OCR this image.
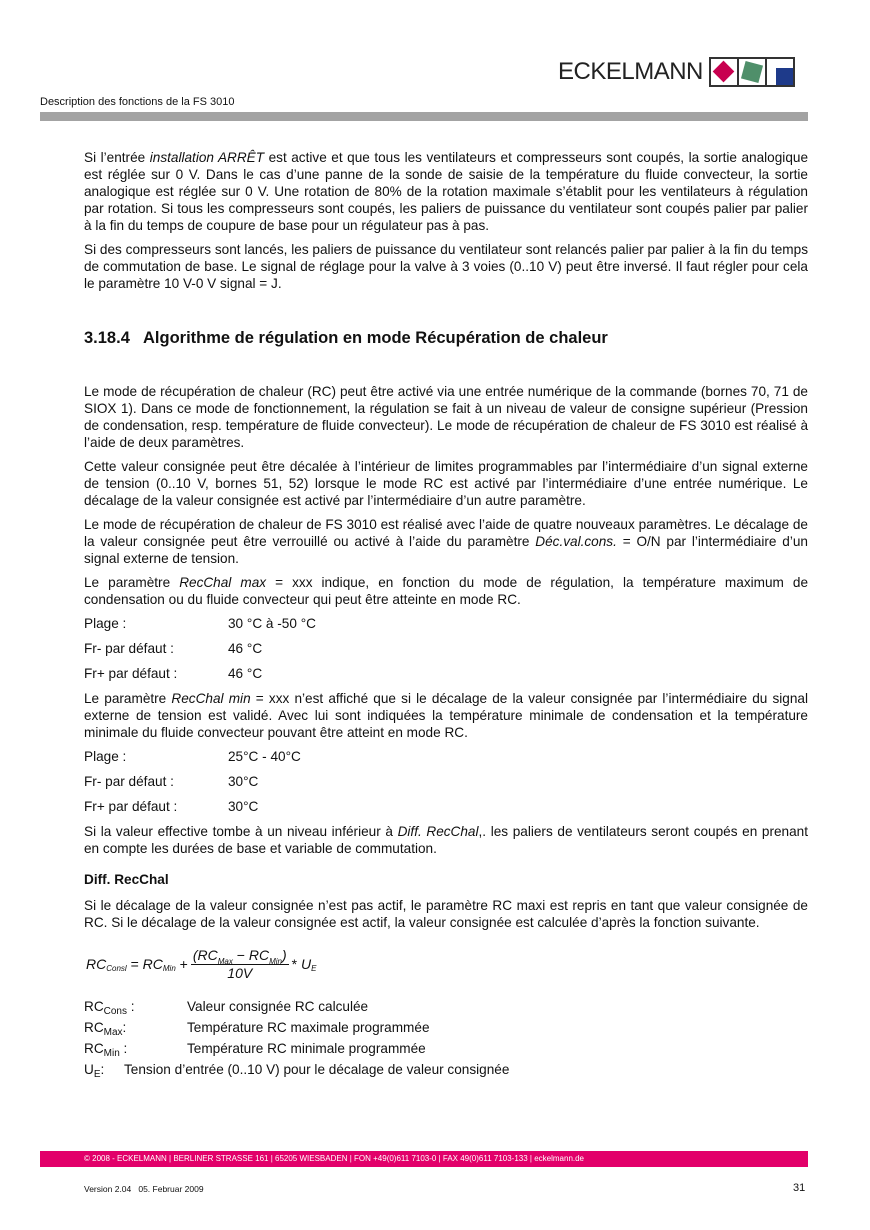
ECKELMANN
Description des fonctions de la FS 3010

Si l’entrée installation ARRÊT est active et que tous les ventilateurs et compresseurs sont coupés, la sortie analogique est réglée sur 0 V. Dans le cas d’une panne de la sonde de saisie de la température du fluide convecteur, la sortie analogique est réglée sur 0 V. Une rotation de 80% de la rotation maximale s’établit pour les ventilateurs à régulation par rotation. Si tous les compresseurs sont coupés, les paliers de puissance du ventilateur sont coupés palier par palier à la fin du temps de coupure de base pour un régulateur pas à pas.

Si des compresseurs sont lancés, les paliers de puissance du ventilateur sont relancés palier par palier à la fin du temps de commutation de base. Le signal de réglage pour la valve à 3 voies (0..10 V) peut être inversé. Il faut régler pour cela le paramètre 10 V-0 V signal = J.

3.18.4   Algorithme de régulation en mode Récupération de chaleur

Le mode de récupération de chaleur (RC) peut être activé via une entrée numérique de la commande (bornes 70, 71 de SIOX 1). Dans ce mode de fonctionnement, la régulation se fait à un niveau de valeur de consigne supérieur (Pression de condensation, resp. température de fluide convecteur). Le mode de récupération de chaleur de FS 3010 est réalisé à l’aide de deux paramètres.

Cette valeur consignée peut être décalée à l’intérieur de limites programmables par l’intermédiaire d’un signal externe de tension (0..10 V, bornes 51, 52) lorsque le mode RC est activé par l’intermédiaire d’une entrée numérique. Le décalage de la valeur consignée est activé par l’intermédiaire d’un autre paramètre.

Le mode de récupération de chaleur de FS 3010 est réalisé avec l’aide de quatre nouveaux paramètres. Le décalage de la valeur consignée peut être verrouillé ou activé à l’aide du paramètre Déc.val.cons. = O/N par l’intermédiaire d’un signal externe de tension.

Le paramètre RecChal max = xxx indique, en fonction du mode de régulation, la température maximum de condensation ou du fluide convecteur qui peut être atteinte en mode RC.

Plage :	30 °C à -50 °C
Fr- par défaut :	46 °C
Fr+ par défaut :	46 °C

Le paramètre RecChal min = xxx n’est affiché que si le décalage de la valeur consignée par l’intermédiaire du signal externe de tension est validé. Avec lui sont indiquées la température minimale de condensation et la température minimale du fluide convecteur pouvant être atteint en mode RC.

Plage :	25°C - 40°C
Fr- par défaut :	30°C
Fr+ par défaut :	30°C

Si la valeur effective tombe à un niveau inférieur à Diff. RecChal,. les paliers de ventilateurs seront coupés en prenant en compte les durées de base et variable de commutation.

Diff. RecChal

Si le décalage de la valeur consignée n’est pas actif, le paramètre RC maxi est repris en tant que valeur consignée de RC. Si le décalage de la valeur consignée est actif, la valeur consignée est calculée d’après la fonction suivante.

$RC_{Consl}$
=
$RC_{Min}$
+ $\frac{(RC_{Max} - RC_{Min})}{10V}$ *
$U_E$
$RC_{Cons}$ :	Valeur consignée RC calculée
$RC_{Max}$:	Température RC maximale programmée
$RC_{Min}$ :	Température RC minimale programmée
$U_E$:	Tension d’entrée (0..10 V) pour le décalage de valeur consignée
© 2008 - ECKELMANN | BERLINER STRASSE 161 | 65205 WIESBADEN | FON +49(0)611 7103-0 | FAX 49(0)611 7103-133 | eckelmann.de
Version 2.04   05. Februar 2009	31
